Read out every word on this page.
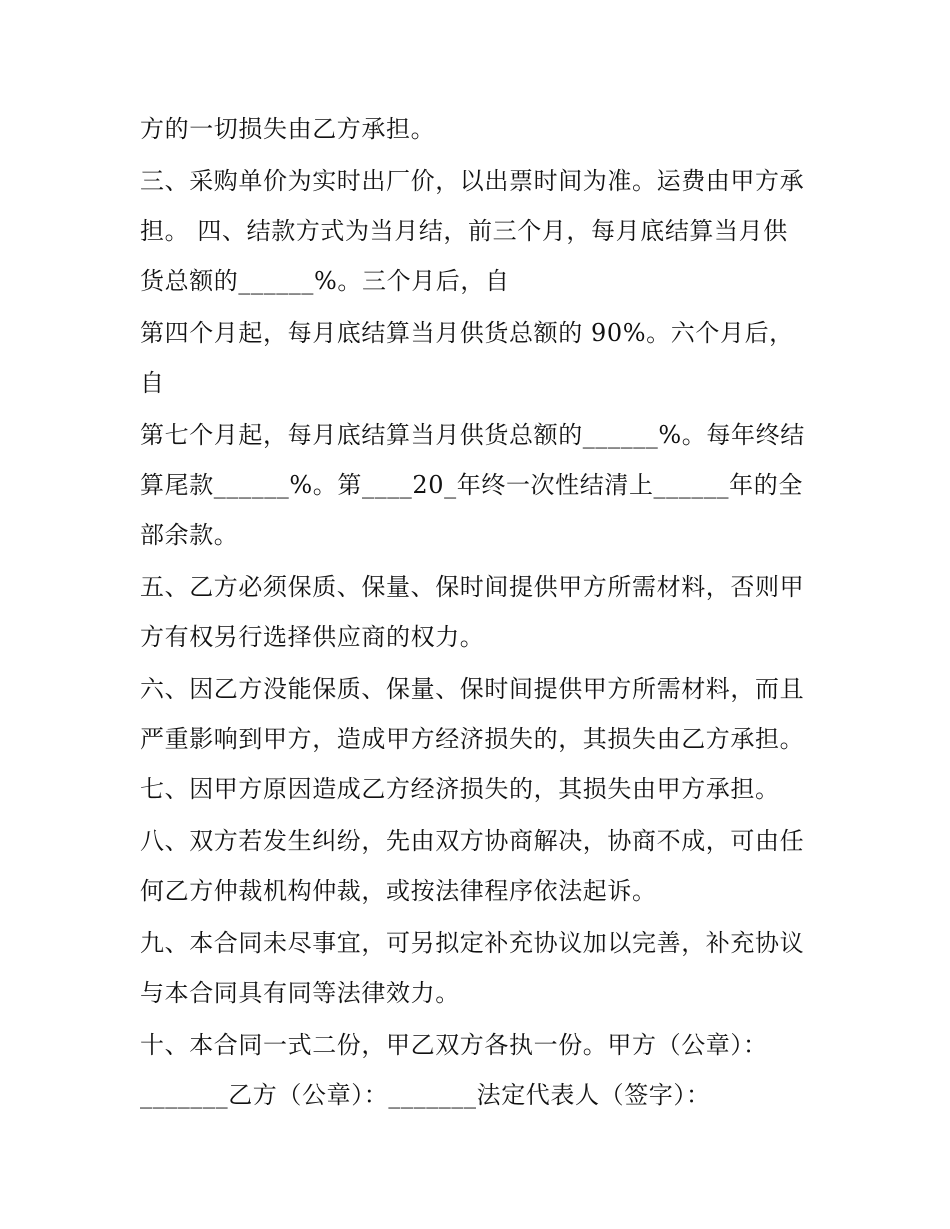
方的一切损失由乙方承担。
三、采购单价为实时出厂价，以出票时间为准。运费由甲方承
担。 四、结款方式为当月结，前三个月，每月底结算当月供
货总额的______%。三个月后，自
第四个月起，每月底结算当月供货总额的 90%。六个月后，
自
第七个月起，每月底结算当月供货总额的______%。每年终结
算尾款______%。第____20_年终一次性结清上______年的全
部余款。
五、乙方必须保质、保量、保时间提供甲方所需材料，否则甲
方有权另行选择供应商的权力。
六、因乙方没能保质、保量、保时间提供甲方所需材料，而且
严重影响到甲方，造成甲方经济损失的，其损失由乙方承担。
七、因甲方原因造成乙方经济损失的，其损失由甲方承担。
八、双方若发生纠纷，先由双方协商解决，协商不成，可由任
何乙方仲裁机构仲裁，或按法律程序依法起诉。
九、本合同未尽事宜，可另拟定补充协议加以完善，补充协议
与本合同具有同等法律效力。
十、本合同一式二份，甲乙双方各执一份。甲方（公章）：
_______乙方（公章）：_______法定代表人（签字）：
